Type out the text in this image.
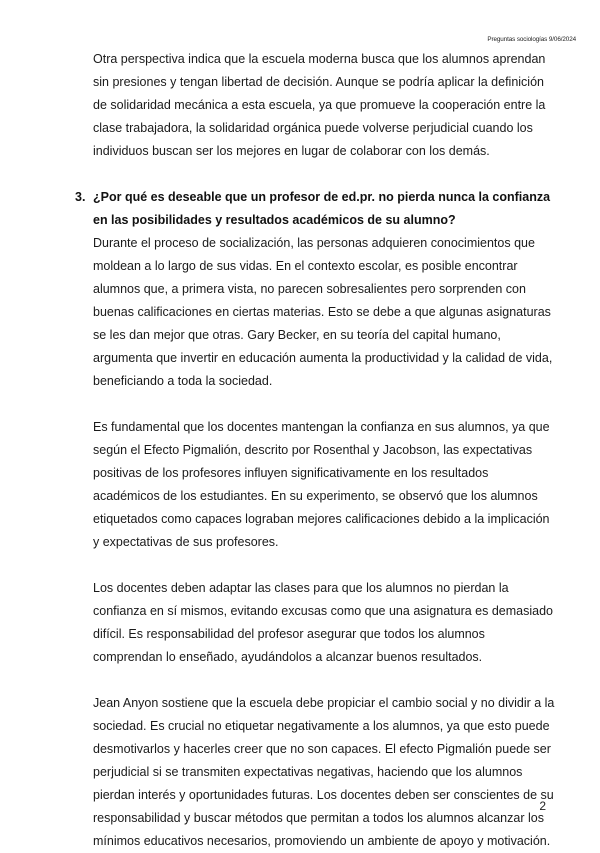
Preguntas sociologías 9/06/2024

Otra perspectiva indica que la escuela moderna busca que los alumnos aprendan sin presiones y tengan libertad de decisión. Aunque se podría aplicar la definición de solidaridad mecánica a esta escuela, ya que promueve la cooperación entre la clase trabajadora, la solidaridad orgánica puede volverse perjudicial cuando los individuos buscan ser los mejores en lugar de colaborar con los demás.

3. ¿Por qué es deseable que un profesor de ed.pr. no pierda nunca la confianza en las posibilidades y resultados académicos de su alumno?

Durante el proceso de socialización, las personas adquieren conocimientos que moldean a lo largo de sus vidas. En el contexto escolar, es posible encontrar alumnos que, a primera vista, no parecen sobresalientes pero sorprenden con buenas calificaciones en ciertas materias. Esto se debe a que algunas asignaturas se les dan mejor que otras. Gary Becker, en su teoría del capital humano, argumenta que invertir en educación aumenta la productividad y la calidad de vida, beneficiando a toda la sociedad.

Es fundamental que los docentes mantengan la confianza en sus alumnos, ya que según el Efecto Pigmalión, descrito por Rosenthal y Jacobson, las expectativas positivas de los profesores influyen significativamente en los resultados académicos de los estudiantes. En su experimento, se observó que los alumnos etiquetados como capaces lograban mejores calificaciones debido a la implicación y expectativas de sus profesores.

Los docentes deben adaptar las clases para que los alumnos no pierdan la confianza en sí mismos, evitando excusas como que una asignatura es demasiado difícil. Es responsabilidad del profesor asegurar que todos los alumnos comprendan lo enseñado, ayudándolos a alcanzar buenos resultados.

Jean Anyon sostiene que la escuela debe propiciar el cambio social y no dividir a la sociedad. Es crucial no etiquetar negativamente a los alumnos, ya que esto puede desmotivarlos y hacerles creer que no son capaces. El efecto Pigmalión puede ser perjudicial si se transmiten expectativas negativas, haciendo que los alumnos pierdan interés y oportunidades futuras. Los docentes deben ser conscientes de su responsabilidad y buscar métodos que permitan a todos los alumnos alcanzar los mínimos educativos necesarios, promoviendo un ambiente de apoyo y motivación.

2
